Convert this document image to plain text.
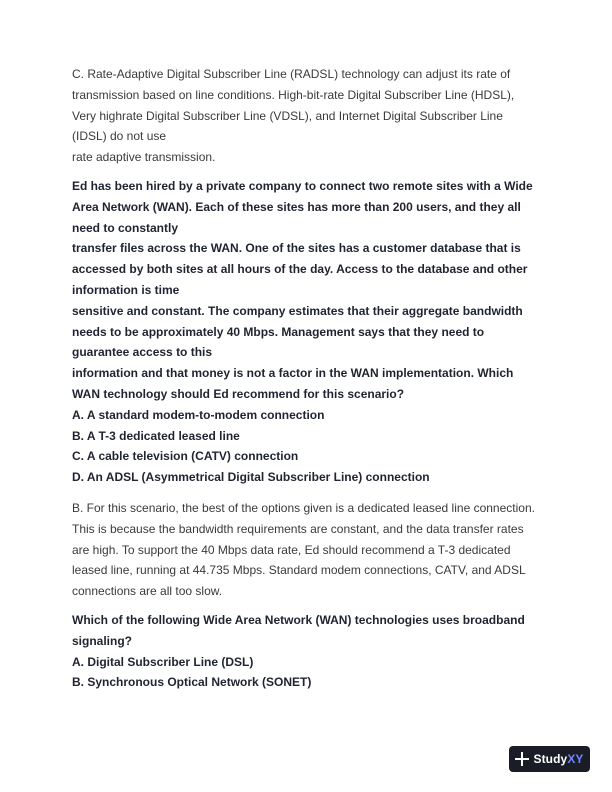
C. Rate-Adaptive Digital Subscriber Line (RADSL) technology can adjust its rate of
transmission based on line conditions. High-bit-rate Digital Subscriber Line (HDSL),
Very highrate Digital Subscriber Line (VDSL), and Internet Digital Subscriber Line
(IDSL) do not use
rate adaptive transmission.
Ed has been hired by a private company to connect two remote sites with a Wide
Area Network (WAN). Each of these sites has more than 200 users, and they all
need to constantly
transfer files across the WAN. One of the sites has a customer database that is
accessed by both sites at all hours of the day. Access to the database and other
information is time
sensitive and constant. The company estimates that their aggregate bandwidth
needs to be approximately 40 Mbps. Management says that they need to
guarantee access to this
information and that money is not a factor in the WAN implementation. Which
WAN technology should Ed recommend for this scenario?
A. A standard modem-to-modem connection
B. A T-3 dedicated leased line
C. A cable television (CATV) connection
D. An ADSL (Asymmetrical Digital Subscriber Line) connection
B. For this scenario, the best of the options given is a dedicated leased line connection.
This is because the bandwidth requirements are constant, and the data transfer rates
are high. To support the 40 Mbps data rate, Ed should recommend a T-3 dedicated
leased line, running at 44.735 Mbps. Standard modem connections, CATV, and ADSL
connections are all too slow.
Which of the following Wide Area Network (WAN) technologies uses broadband
signaling?
A. Digital Subscriber Line (DSL)
B. Synchronous Optical Network (SONET)
StudyXY
